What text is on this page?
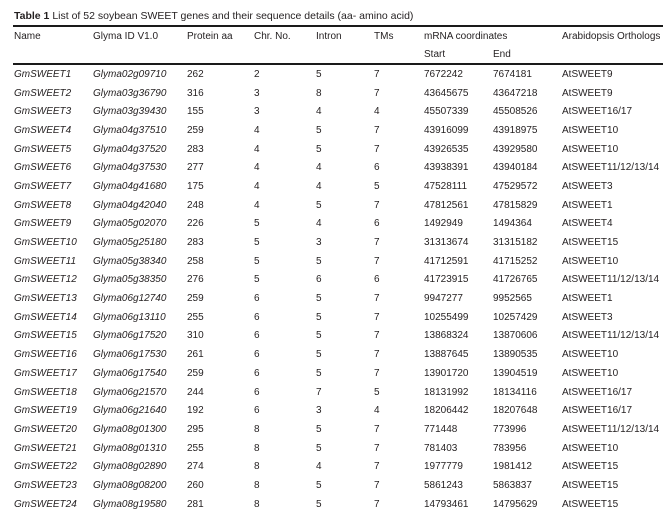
Table 1 List of 52 soybean SWEET genes and their sequence details (aa- amino acid)
Name	Glyma ID V1.0	Protein aa	Chr. No.	Intron	TMs	mRNA coordinates		Arabidopsis Orthologs
						Start	End	
GmSWEET1	Glyma02g09710	262	2	5	7	7672242	7674181	AtSWEET9
GmSWEET2	Glyma03g36790	316	3	8	7	43645675	43647218	AtSWEET9
GmSWEET3	Glyma03g39430	155	3	4	4	45507339	45508526	AtSWEET16/17
GmSWEET4	Glyma04g37510	259	4	5	7	43916099	43918975	AtSWEET10
GmSWEET5	Glyma04g37520	283	4	5	7	43926535	43929580	AtSWEET10
GmSWEET6	Glyma04g37530	277	4	4	6	43938391	43940184	AtSWEET11/12/13/14
GmSWEET7	Glyma04g41680	175	4	4	5	47528111	47529572	AtSWEET3
GmSWEET8	Glyma04g42040	248	4	5	7	47812561	47815829	AtSWEET1
GmSWEET9	Glyma05g02070	226	5	4	6	1492949	1494364	AtSWEET4
GmSWEET10	Glyma05g25180	283	5	3	7	31313674	31315182	AtSWEET15
GmSWEET11	Glyma05g38340	258	5	5	7	41712591	41715252	AtSWEET10
GmSWEET12	Glyma05g38350	276	5	6	6	41723915	41726765	AtSWEET11/12/13/14
GmSWEET13	Glyma06g12740	259	6	5	7	9947277	9952565	AtSWEET1
GmSWEET14	Glyma06g13110	255	6	5	7	10255499	10257429	AtSWEET3
GmSWEET15	Glyma06g17520	310	6	5	7	13868324	13870606	AtSWEET11/12/13/14
GmSWEET16	Glyma06g17530	261	6	5	7	13887645	13890535	AtSWEET10
GmSWEET17	Glyma06g17540	259	6	5	7	13901720	13904519	AtSWEET10
GmSWEET18	Glyma06g21570	244	6	7	5	18131992	18134116	AtSWEET16/17
GmSWEET19	Glyma06g21640	192	6	3	4	18206442	18207648	AtSWEET16/17
GmSWEET20	Glyma08g01300	295	8	5	7	771448	773996	AtSWEET11/12/13/14
GmSWEET21	Glyma08g01310	255	8	5	7	781403	783956	AtSWEET10
GmSWEET22	Glyma08g02890	274	8	4	7	1977779	1981412	AtSWEET15
GmSWEET23	Glyma08g08200	260	8	5	7	5861243	5863837	AtSWEET15
GmSWEET24	Glyma08g19580	281	8	5	7	14793461	14795629	AtSWEET15
